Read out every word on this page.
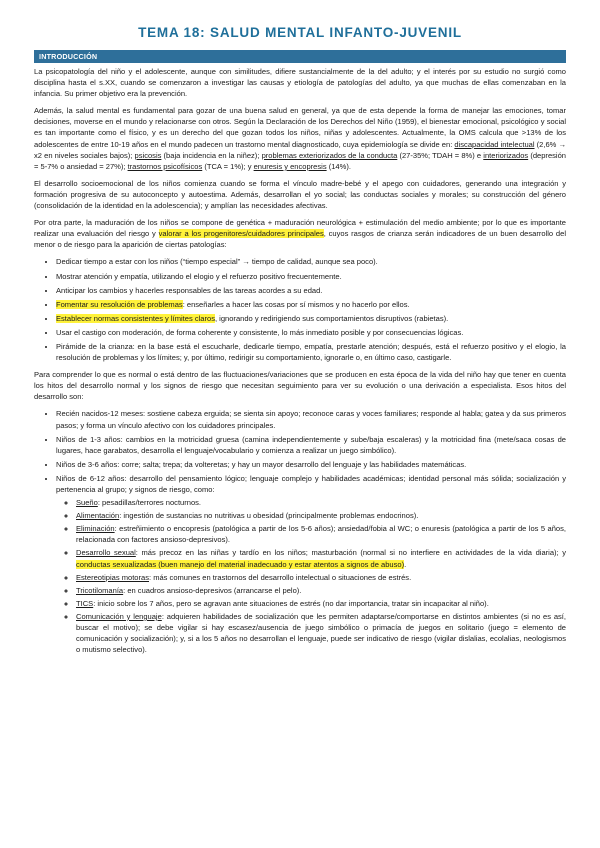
TEMA 18: SALUD MENTAL INFANTO-JUVENIL
INTRODUCCIÓN

La psicopatología del niño y el adolescente, aunque con similitudes, difiere sustancialmente de la del adulto; y el interés por su estudio no surgió como disciplina hasta el s.XX, cuando se comenzaron a investigar las causas y etiología de patologías del adulto, ya que muchas de ellas comenzaban en la infancia. Su primer objetivo era la prevención.

Además, la salud mental es fundamental para gozar de una buena salud en general, ya que de esta depende la forma de manejar las emociones, tomar decisiones, moverse en el mundo y relacionarse con otros. Según la Declaración de los Derechos del Niño (1959), el bienestar emocional, psicológico y social es tan importante como el físico, y es un derecho del que gozan todos los niños, niñas y adolescentes. Actualmente, la OMS calcula que >13% de los adolescentes de entre 10-19 años en el mundo padecen un trastorno mental diagnosticado, cuya epidemiología se divide en: discapacidad intelectual (2,6% → x2 en niveles sociales bajos); psicosis (baja incidencia en la niñez); problemas exteriorizados de la conducta (27-35%; TDAH = 8%) e interiorizados (depresión = 5-7% o ansiedad = 27%); trastornos psicofísicos (TCA = 1%); y enuresis y encopresis (14%).

El desarrollo socioemocional de los niños comienza cuando se forma el vínculo madre-bebé y el apego con cuidadores, generando una integración y formación progresiva de su autoconcepto y autoestima. Además, desarrollan el yo social; las conductas sociales y morales; su construcción del género (consolidación de la identidad en la adolescencia); y amplían las necesidades afectivas.

Por otra parte, la maduración de los niños se compone de genética + maduración neurológica + estimulación del medio ambiente; por lo que es importante realizar una evaluación del riesgo y valorar a los progenitores/cuidadores principales, cuyos rasgos de crianza serán indicadores de un buen desarrollo del menor o de riesgo para la aparición de ciertas patologías:

• Dedicar tiempo a estar con los niños (“tiempo especial” → tiempo de calidad, aunque sea poco).
• Mostrar atención y empatía, utilizando el elogio y el refuerzo positivo frecuentemente.
• Anticipar los cambios y hacerles responsables de las tareas acordes a su edad.
• Fomentar su resolución de problemas: enseñarles a hacer las cosas por sí mismos y no hacerlo por ellos.
• Establecer normas consistentes y límites claros, ignorando y redirigiendo sus comportamientos disruptivos (rabietas).
• Usar el castigo con moderación, de forma coherente y consistente, lo más inmediato posible y por consecuencias lógicas.
• Pirámide de la crianza: en la base está el escucharle, dedicarle tiempo, empatía, prestarle atención; después, está el refuerzo positivo y el elogio, la resolución de problemas y los límites; y, por último, redirigir su comportamiento, ignorarle o, en último caso, castigarle.

Para comprender lo que es normal o está dentro de las fluctuaciones/variaciones que se producen en esta época de la vida del niño hay que tener en cuenta los hitos del desarrollo normal y los signos de riesgo que necesitan seguimiento para ver su evolución o una derivación a especialista. Esos hitos del desarrollo son:

• Recién nacidos-12 meses: sostiene cabeza erguida; se sienta sin apoyo; reconoce caras y voces familiares; responde al habla; gatea y da sus primeros pasos; y forma un vínculo afectivo con los cuidadores principales.
• Niños de 1-3 años: cambios en la motricidad gruesa (camina independientemente y sube/baja escaleras) y la motricidad fina (mete/saca cosas de lugares, hace garabatos, desarrolla el lenguaje/vocabulario y comienza a realizar un juego simbólico).
• Niños de 3-6 años: corre; salta; trepa; da volteretas; y hay un mayor desarrollo del lenguaje y las habilidades matemáticas.
• Niños de 6-12 años: desarrollo del pensamiento lógico; lenguaje complejo y habilidades académicas; identidad personal más sólida; socialización y pertenencia al grupo; y signos de riesgo, como:
◦ Sueño: pesadillas/terrores nocturnos.
◦ Alimentación: ingestión de sustancias no nutritivas u obesidad (principalmente problemas endocrinos).
◦ Eliminación: estreñimiento o encopresis (patológica a partir de los 5-6 años); ansiedad/fobia al WC; o enuresis (patológica a partir de los 5 años, relacionada con factores ansioso-depresivos).
◦ Desarrollo sexual: más precoz en las niñas y tardío en los niños; masturbación (normal si no interfiere en actividades de la vida diaria); y conductas sexualizadas (buen manejo del material inadecuado y estar atentos a signos de abuso).
◦ Estereotipias motoras: más comunes en trastornos del desarrollo intelectual o situaciones de estrés.
◦ Tricotilomanía: en cuadros ansioso-depresivos (arrancarse el pelo).
◦ TICS: inicio sobre los 7 años, pero se agravan ante situaciones de estrés (no dar importancia, tratar sin incapacitar al niño).
◦ Comunicación y lenguaje: adquieren habilidades de socialización que les permiten adaptarse/comportarse en distintos ambientes (si no es así, buscar el motivo); se debe vigilar si hay escasez/ausencia de juego simbólico o primacía de juegos en solitario (juego = elemento de comunicación y socialización); y, si a los 5 años no desarrollan el lenguaje, puede ser indicativo de riesgo (vigilar dislalias, ecolalias, neologismos o mutismo selectivo).
